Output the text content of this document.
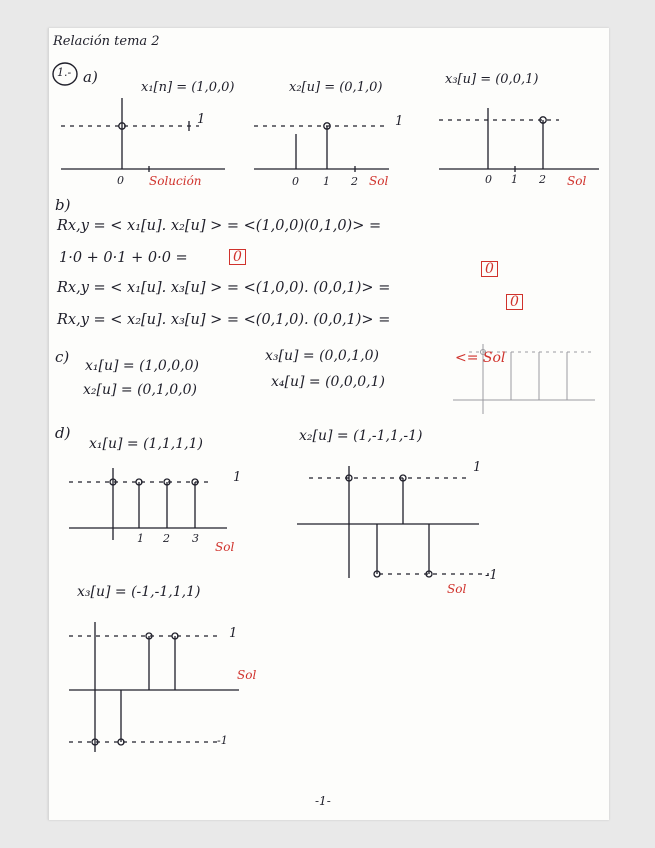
Relación tema 2
1.- a)
x₁[n] = (1,0,0)	x₂[u] = (0,1,0)
x₃[u] = (0,0,1)
1	1
0 Solución	0 1 2 Sol	0 1 2 Sol
b)
Rx,y = < x₁[u]. x₂[u] > = <(1,0,0)(0,1,0)> =
1·0 + 0·1 + 0·0 =	0
Rx,y = < x₁[u]. x₃[u] > = <(1,0,0). (0,0,1)> =
0
Rx,y = < x₂[u]. x₃[u] > = <(0,1,0). (0,0,1)> =
0
c) x₁[u] = (1,0,0,0)
x₃[u] = (0,0,1,0)
x₂[u] = (0,1,0,0)	x₄[u] = (0,0,0,1)
<= Sol
d)
x₁[u] = (1,1,1,1)	x₂[u] = (1,-1,1,-1)
1
1 2 3
Sol
1
-1
Sol
x₃[u] = (-1,-1,1,1)
1
Sol
-1
-1-
